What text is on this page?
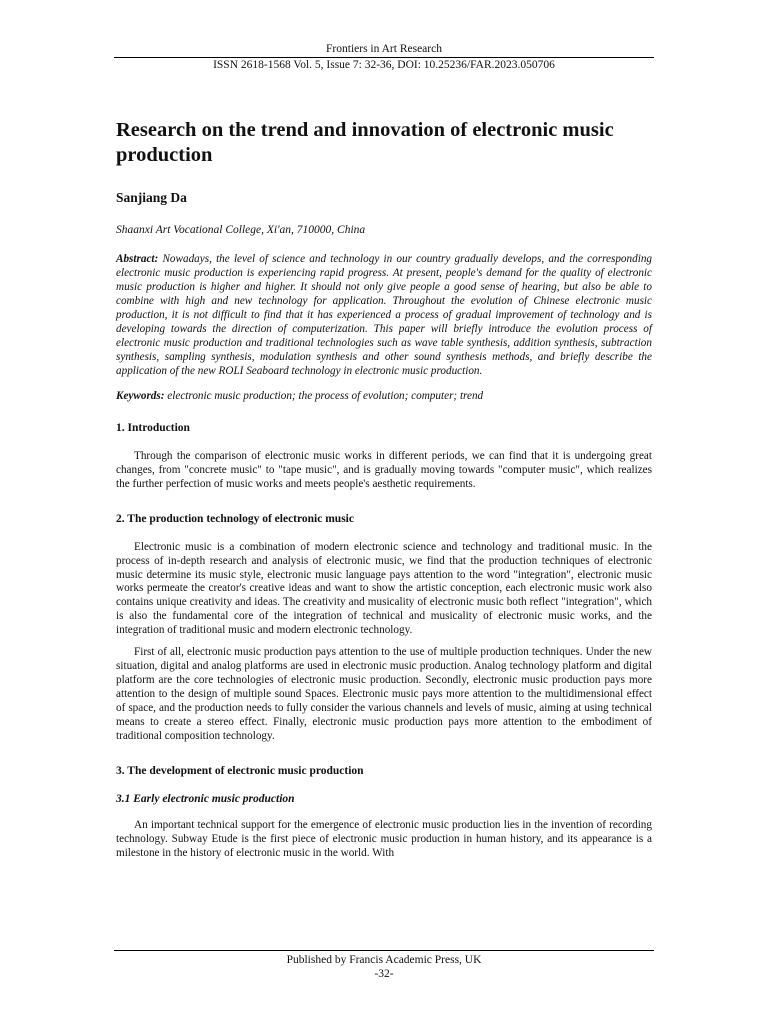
Frontiers in Art Research
ISSN 2618-1568 Vol. 5, Issue 7: 32-36, DOI: 10.25236/FAR.2023.050706
Research on the trend and innovation of electronic music production
Sanjiang Da
Shaanxi Art Vocational College, Xi'an, 710000, China
Abstract: Nowadays, the level of science and technology in our country gradually develops, and the corresponding electronic music production is experiencing rapid progress. At present, people's demand for the quality of electronic music production is higher and higher. It should not only give people a good sense of hearing, but also be able to combine with high and new technology for application. Throughout the evolution of Chinese electronic music production, it is not difficult to find that it has experienced a process of gradual improvement of technology and is developing towards the direction of computerization. This paper will briefly introduce the evolution process of electronic music production and traditional technologies such as wave table synthesis, addition synthesis, subtraction synthesis, sampling synthesis, modulation synthesis and other sound synthesis methods, and briefly describe the application of the new ROLI Seaboard technology in electronic music production.
Keywords: electronic music production; the process of evolution; computer; trend
1. Introduction

Through the comparison of electronic music works in different periods, we can find that it is undergoing great changes, from "concrete music" to "tape music", and is gradually moving towards "computer music", which realizes the further perfection of music works and meets people's aesthetic requirements.

2. The production technology of electronic music

Electronic music is a combination of modern electronic science and technology and traditional music. In the process of in-depth research and analysis of electronic music, we find that the production techniques of electronic music determine its music style, electronic music language pays attention to the word "integration", electronic music works permeate the creator's creative ideas and want to show the artistic conception, each electronic music work also contains unique creativity and ideas. The creativity and musicality of electronic music both reflect "integration", which is also the fundamental core of the integration of technical and musicality of electronic music works, and the integration of traditional music and modern electronic technology.

First of all, electronic music production pays attention to the use of multiple production techniques. Under the new situation, digital and analog platforms are used in electronic music production. Analog technology platform and digital platform are the core technologies of electronic music production. Secondly, electronic music production pays more attention to the design of multiple sound Spaces. Electronic music pays more attention to the multidimensional effect of space, and the production needs to fully consider the various channels and levels of music, aiming at using technical means to create a stereo effect. Finally, electronic music production pays more attention to the embodiment of traditional composition technology.

3. The development of electronic music production
3.1 Early electronic music production

An important technical support for the emergence of electronic music production lies in the invention of recording technology. Subway Etude is the first piece of electronic music production in human history, and its appearance is a milestone in the history of electronic music in the world. With

Published by Francis Academic Press, UK
-32-
